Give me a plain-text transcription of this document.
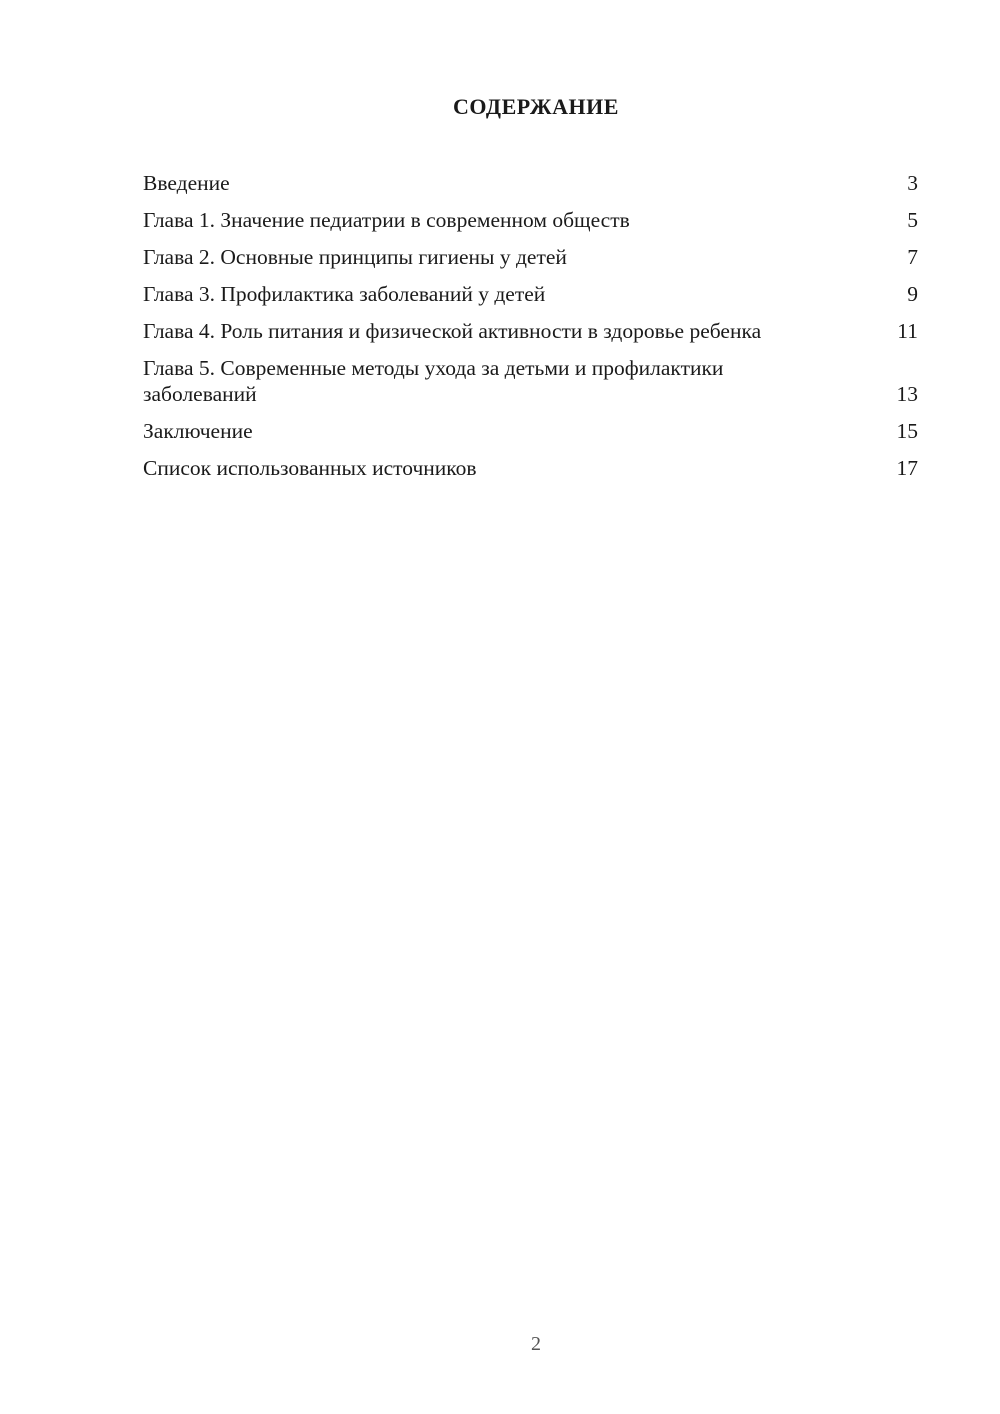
СОДЕРЖАНИЕ
Введение	3
Глава 1. Значение педиатрии в современном обществ	5
Глава 2. Основные принципы гигиены у детей	7
Глава 3. Профилактика заболеваний у детей	9
Глава 4. Роль питания и физической активности в здоровье ребенка	11
Глава 5. Современные методы ухода за детьми и профилактики заболеваний	13
Заключение	15
Список использованных источников	17
2
